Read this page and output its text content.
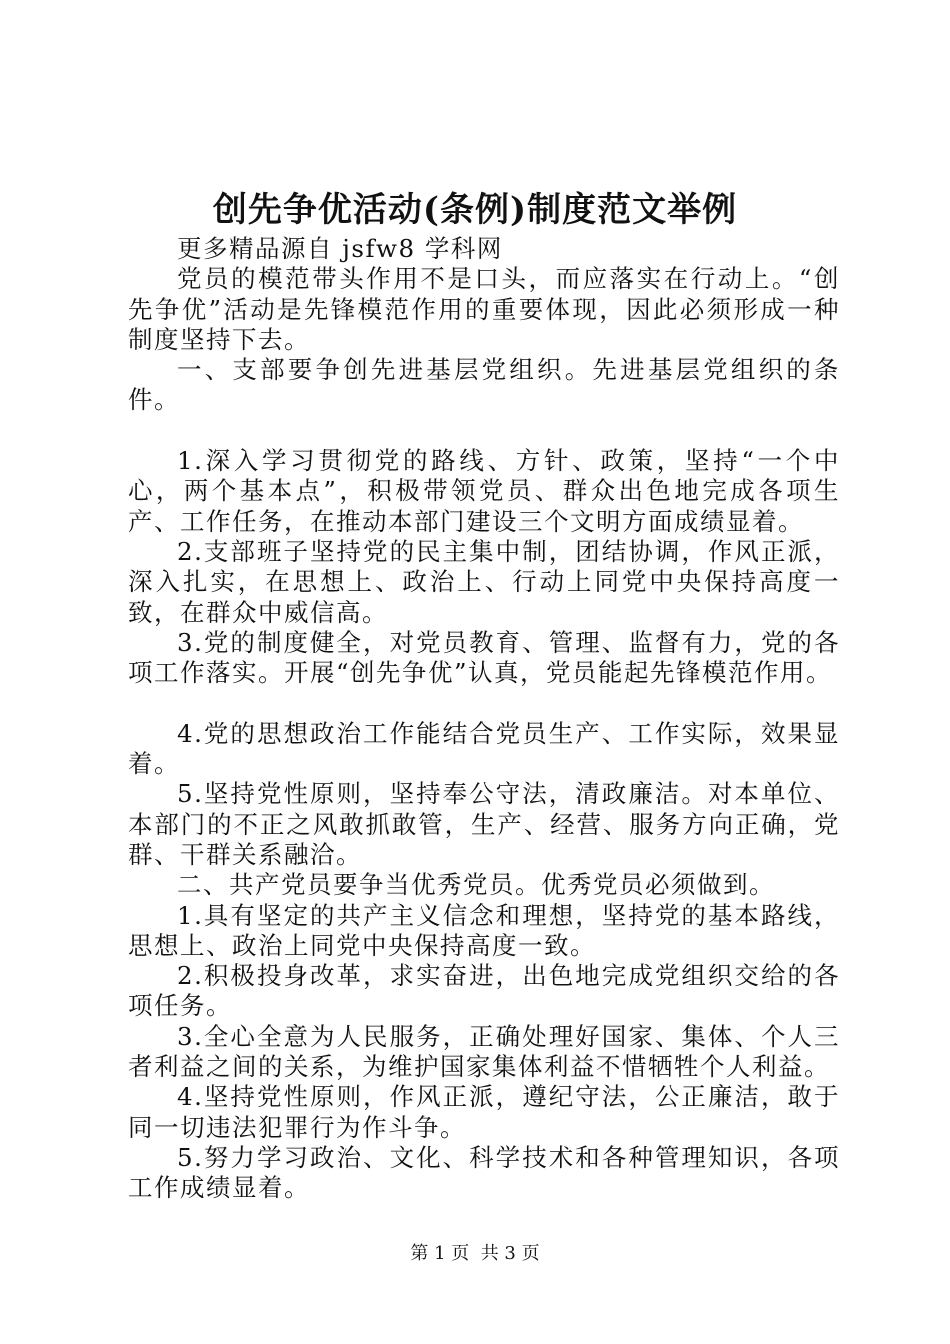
创先争优活动(条例)制度范文举例

更多精品源自 jsfw8 学科网

党员的模范带头作用不是口头，而应落实在行动上。“创先争优”活动是先锋模范作用的重要体现，因此必须形成一种制度坚持下去。

一、支部要争创先进基层党组织。先进基层党组织的条件。

1.深入学习贯彻党的路线、方针、政策，坚持“一个中心，两个基本点”，积极带领党员、群众出色地完成各项生产、工作任务，在推动本部门建设三个文明方面成绩显着。

2.支部班子坚持党的民主集中制，团结协调，作风正派，深入扎实，在思想上、政治上、行动上同党中央保持高度一致，在群众中威信高。

3.党的制度健全，对党员教育、管理、监督有力，党的各项工作落实。开展“创先争优”认真，党员能起先锋模范作用。

4.党的思想政治工作能结合党员生产、工作实际，效果显着。

5.坚持党性原则，坚持奉公守法，清政廉洁。对本单位、本部门的不正之风敢抓敢管，生产、经营、服务方向正确，党群、干群关系融洽。

二、共产党员要争当优秀党员。优秀党员必须做到。

1.具有坚定的共产主义信念和理想，坚持党的基本路线，思想上、政治上同党中央保持高度一致。

2.积极投身改革，求实奋进，出色地完成党组织交给的各项任务。

3.全心全意为人民服务，正确处理好国家、集体、个人三者利益之间的关系，为维护国家集体利益不惜牺牲个人利益。

4.坚持党性原则，作风正派，遵纪守法，公正廉洁，敢于同一切违法犯罪行为作斗争。

5.努力学习政治、文化、科学技术和各种管理知识，各项工作成绩显着。

第 1 页  共 3 页
